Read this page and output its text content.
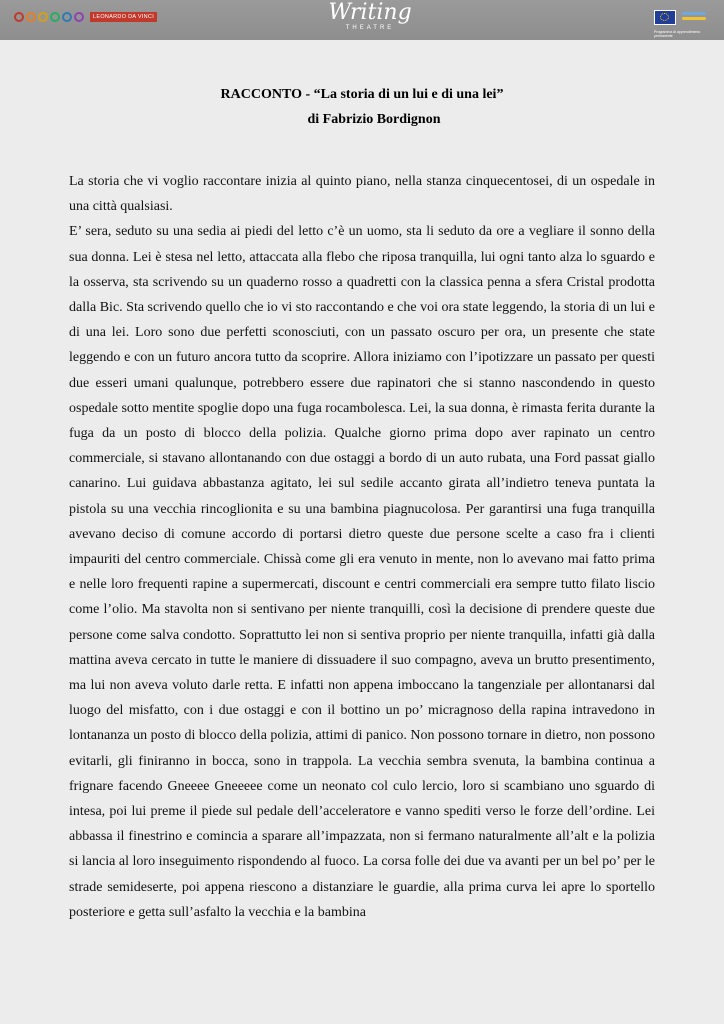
LEONARDO DA VINCI	Writing
THEATRE

Programma di apprendimento permanente
RACCONTO - “La storia di un lui e di una lei”
di Fabrizio Bordignon

La storia che vi voglio raccontare inizia al quinto piano, nella stanza cinquecentosei, di un ospedale in una città qualsiasi.

E’ sera, seduto su una sedia ai piedi del letto c’è un uomo, sta li seduto da ore a vegliare il sonno della sua donna. Lei è stesa nel letto, attaccata alla flebo che riposa tranquilla, lui ogni tanto alza lo sguardo e la osserva, sta scrivendo su un quaderno rosso a quadretti con la classica penna a sfera Cristal prodotta dalla Bic. Sta scrivendo quello che io vi sto raccontando e che voi ora state leggendo, la storia di un lui e di una lei. Loro sono due perfetti sconosciuti, con un passato oscuro per ora, un presente che state leggendo e con un futuro ancora tutto da scoprire. Allora iniziamo con l’ipotizzare un passato per questi due esseri umani qualunque, potrebbero essere due rapinatori che si stanno nascondendo in questo ospedale sotto mentite spoglie dopo una fuga rocambolesca. Lei, la sua donna, è rimasta ferita durante la fuga da un posto di blocco della polizia. Qualche giorno prima dopo aver rapinato un centro commerciale, si stavano allontanando con due ostaggi a bordo di un auto rubata, una Ford passat giallo canarino. Lui guidava abbastanza agitato, lei sul sedile accanto girata all’indietro teneva puntata la pistola su una vecchia rincoglionita e su una bambina piagnucolosa. Per garantirsi una fuga tranquilla avevano deciso di comune accordo di portarsi dietro queste due persone scelte a caso fra i clienti impauriti del centro commerciale. Chissà come gli era venuto in mente, non lo avevano mai fatto prima e nelle loro frequenti rapine a supermercati, discount e centri commerciali era sempre tutto filato liscio come l’olio. Ma stavolta non si sentivano per niente tranquilli, così la decisione di prendere queste due persone come salva condotto. Soprattutto lei non si sentiva proprio per niente tranquilla, infatti già dalla mattina aveva cercato in tutte le maniere di dissuadere il suo compagno, aveva un brutto presentimento, ma lui non aveva voluto darle retta. E infatti non appena imboccano la tangenziale per allontanarsi dal luogo del misfatto, con i due ostaggi e con il bottino un po’ micragnoso della rapina intravedono in lontananza un posto di blocco della polizia, attimi di panico. Non possono tornare in dietro, non possono evitarli, gli finiranno in bocca, sono in trappola. La vecchia sembra svenuta, la bambina continua a frignare facendo Gneeee Gneeeee come un neonato col culo lercio, loro si scambiano uno sguardo di intesa, poi lui preme il piede sul pedale dell’acceleratore e vanno spediti verso le forze dell’ordine. Lei abbassa il finestrino e comincia a sparare all’impazzata, non si fermano naturalmente all’alt e la polizia si lancia al loro inseguimento rispondendo al fuoco. La corsa folle dei due va avanti per un bel po’ per le strade semideserte, poi appena riescono a distanziare le guardie, alla prima curva lei apre lo sportello posteriore e getta sull’asfalto la vecchia e la bambina
